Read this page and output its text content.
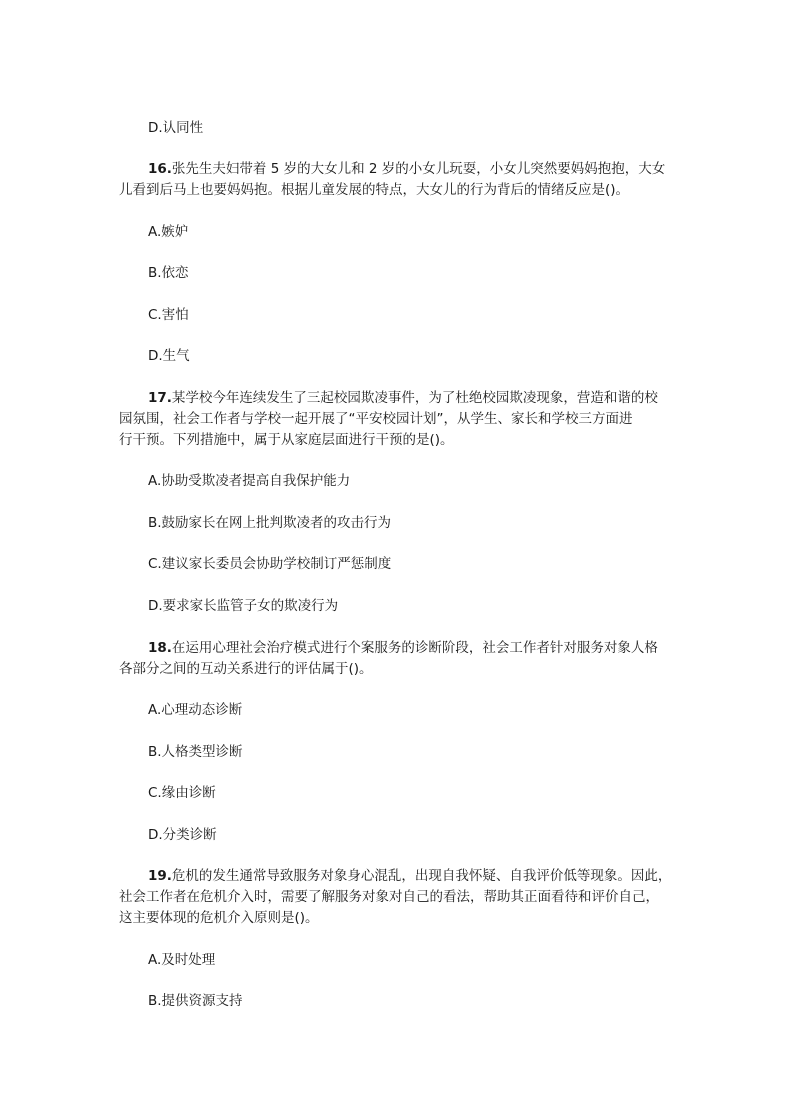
D.认同性
16.张先生夫妇带着 5 岁的大女儿和 2 岁的小女儿玩耍，小女儿突然要妈妈抱抱，大女
儿看到后马上也要妈妈抱。根据儿童发展的特点，大女儿的行为背后的情绪反应是()。
A.嫉妒
B.依恋
C.害怕
D.生气
17.某学校今年连续发生了三起校园欺凌事件，为了杜绝校园欺凌现象，营造和谐的校
园氛围，社会工作者与学校一起开展了“平安校园计划”，从学生、家长和学校三方面进
行干预。下列措施中，属于从家庭层面进行干预的是()。
A.协助受欺凌者提高自我保护能力
B.鼓励家长在网上批判欺凌者的攻击行为
C.建议家长委员会协助学校制订严惩制度
D.要求家长监管子女的欺凌行为
18.在运用心理社会治疗模式进行个案服务的诊断阶段，社会工作者针对服务对象人格
各部分之间的互动关系进行的评估属于()。
A.心理动态诊断
B.人格类型诊断
C.缘由诊断
D.分类诊断
19.危机的发生通常导致服务对象身心混乱，出现自我怀疑、自我评价低等现象。因此，
社会工作者在危机介入时，需要了解服务对象对自己的看法，帮助其正面看待和评价自己，
这主要体现的危机介入原则是()。
A.及时处理
B.提供资源支持
